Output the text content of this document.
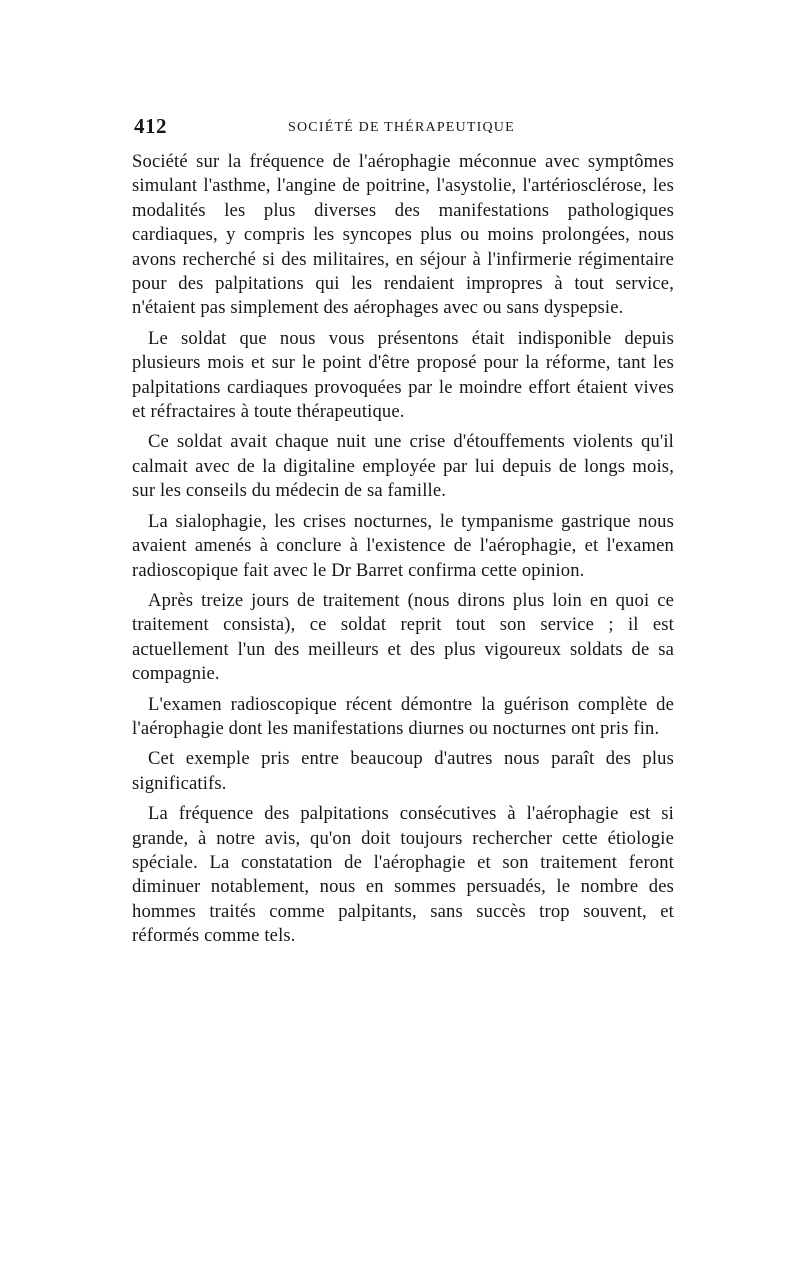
412	SOCIÉTÉ DE THÉRAPEUTIQUE

Société sur la fréquence de l'aérophagie méconnue avec symptômes simulant l'asthme, l'angine de poitrine, l'asystolie, l'artériosclérose, les modalités les plus diverses des manifestations pathologiques cardiaques, y compris les syncopes plus ou moins prolongées, nous avons recherché si des militaires, en séjour à l'infirmerie régimentaire pour des palpitations qui les rendaient impropres à tout service, n'étaient pas simplement des aérophages avec ou sans dyspepsie.

Le soldat que nous vous présentons était indisponible depuis plusieurs mois et sur le point d'être proposé pour la réforme, tant les palpitations cardiaques provoquées par le moindre effort étaient vives et réfractaires à toute thérapeutique.

Ce soldat avait chaque nuit une crise d'étouffements violents qu'il calmait avec de la digitaline employée par lui depuis de longs mois, sur les conseils du médecin de sa famille.

La sialophagie, les crises nocturnes, le tympanisme gastrique nous avaient amenés à conclure à l'existence de l'aérophagie, et l'examen radioscopique fait avec le Dr Barret confirma cette opinion.

Après treize jours de traitement (nous dirons plus loin en quoi ce traitement consista), ce soldat reprit tout son service ; il est actuellement l'un des meilleurs et des plus vigoureux soldats de sa compagnie.

L'examen radioscopique récent démontre la guérison complète de l'aérophagie dont les manifestations diurnes ou nocturnes ont pris fin.

Cet exemple pris entre beaucoup d'autres nous paraît des plus significatifs.

La fréquence des palpitations consécutives à l'aérophagie est si grande, à notre avis, qu'on doit toujours rechercher cette étiologie spéciale. La constatation de l'aérophagie et son traitement feront diminuer notablement, nous en sommes persuadés, le nombre des hommes traités comme palpitants, sans succès trop souvent, et réformés comme tels.
